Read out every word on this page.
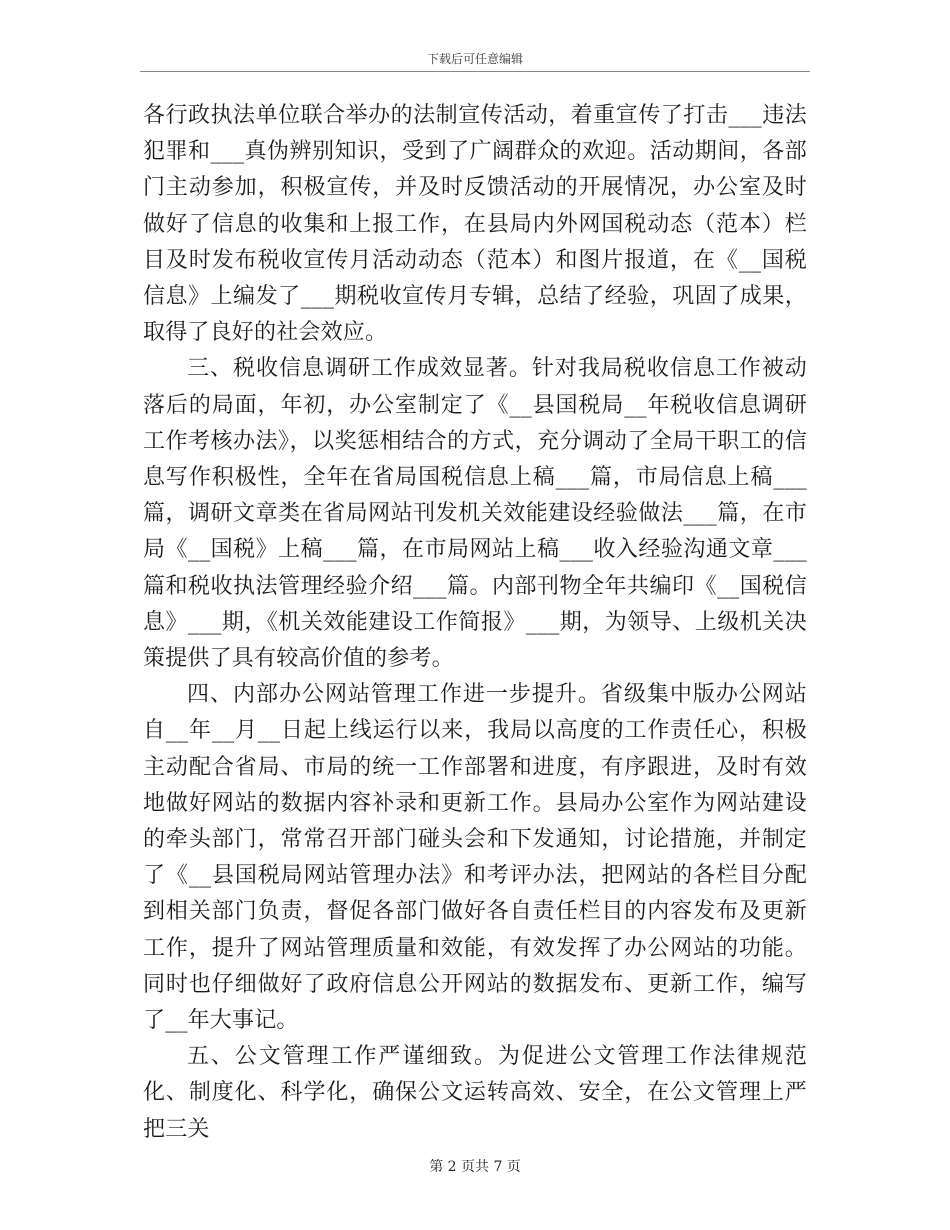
下载后可任意编辑

各行政执法单位联合举办的法制宣传活动，着重宣传了打击___违法犯罪和___真伪辨别知识，受到了广阔群众的欢迎。活动期间，各部门主动参加，积极宣传，并及时反馈活动的开展情况，办公室及时做好了信息的收集和上报工作，在县局内外网国税动态（范本）栏目及时发布税收宣传月活动动态（范本）和图片报道，在《__国税信息》上编发了___期税收宣传月专辑，总结了经验，巩固了成果，取得了良好的社会效应。

三、税收信息调研工作成效显著。针对我局税收信息工作被动落后的局面，年初，办公室制定了《__县国税局__年税收信息调研工作考核办法》，以奖惩相结合的方式，充分调动了全局干职工的信息写作积极性，全年在省局国税信息上稿___篇，市局信息上稿___篇，调研文章类在省局网站刊发机关效能建设经验做法___篇，在市局《__国税》上稿___篇，在市局网站上稿___收入经验沟通文章___篇和税收执法管理经验介绍___篇。内部刊物全年共编印《__国税信息》___期，《机关效能建设工作简报》___期，为领导、上级机关决策提供了具有较高价值的参考。

四、内部办公网站管理工作进一步提升。省级集中版办公网站自__年__月__日起上线运行以来，我局以高度的工作责任心，积极主动配合省局、市局的统一工作部署和进度，有序跟进，及时有效地做好网站的数据内容补录和更新工作。县局办公室作为网站建设的牵头部门，常常召开部门碰头会和下发通知，讨论措施，并制定了《__县国税局网站管理办法》和考评办法，把网站的各栏目分配到相关部门负责，督促各部门做好各自责任栏目的内容发布及更新工作，提升了网站管理质量和效能，有效发挥了办公网站的功能。同时也仔细做好了政府信息公开网站的数据发布、更新工作，编写了__年大事记。

五、公文管理工作严谨细致。为促进公文管理工作法律规范化、制度化、科学化，确保公文运转高效、安全，在公文管理上严把三关

第 2 页共 7 页
